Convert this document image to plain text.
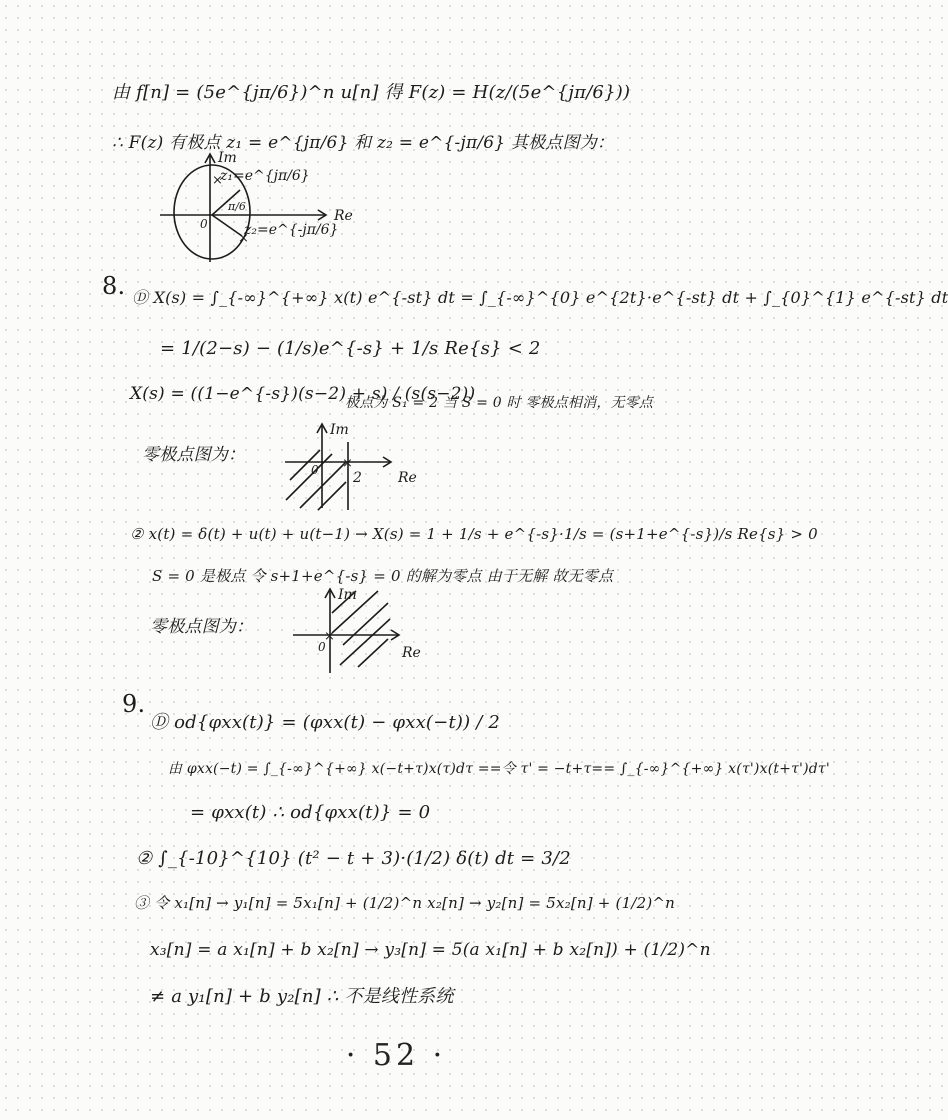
由 f[n] = (5e^{jπ/6})^n u[n] 得 F(z) = H(z/(5e^{jπ/6}))
∴ F(z) 有极点 z₁ = e^{jπ/6} 和 z₂ = e^{-jπ/6} 其极点图为：
Im
Re
z₁=e^{jπ/6}
z₂=e^{-jπ/6}
π/6
0
×
×
8. Ⓓ X(s) = ∫_{-∞}^{+∞} x(t) e^{-st} dt = ∫_{-∞}^{0} e^{2t}·e^{-st} dt + ∫_{0}^{1} e^{-st} dt
= 1/(2−s) − (1/s)e^{-s} + 1/s Re{s} < 2
X(s) = ((1−e^{-s})(s−2) + s) / (s(s−2))
极点为 S₁ = 2 当 S = 0 时 零极点相消，无零点
零极点图为：
Im
Re
2
0 ×
② x(t) = δ(t) + u(t) + u(t−1) → X(s) = 1 + 1/s + e^{-s}·1/s = (s+1+e^{-s})/s Re{s} > 0
S = 0 是极点 令 s+1+e^{-s} = 0 的解为零点 由于无解 故无零点
零极点图为：
Im
Re
0
×
9.
Ⓓ od{φxx(t)} = (φxx(t) − φxx(−t)) / 2
由 φxx(−t) = ∫_{-∞}^{+∞} x(−t+τ)x(τ)dτ ==令 τ' = −t+τ== ∫_{-∞}^{+∞} x(τ')x(t+τ')dτ'
= φxx(t) ∴ od{φxx(t)} = 0
② ∫_{-10}^{10} (t² − t + 3)·(1/2) δ(t) dt = 3/2
③ 令 x₁[n] → y₁[n] = 5x₁[n] + (1/2)^n x₂[n] → y₂[n] = 5x₂[n] + (1/2)^n
x₃[n] = a x₁[n] + b x₂[n] → y₃[n] = 5(a x₁[n] + b x₂[n]) + (1/2)^n
≠ a y₁[n] + b y₂[n] ∴ 不是线性系统
· 52 ·
